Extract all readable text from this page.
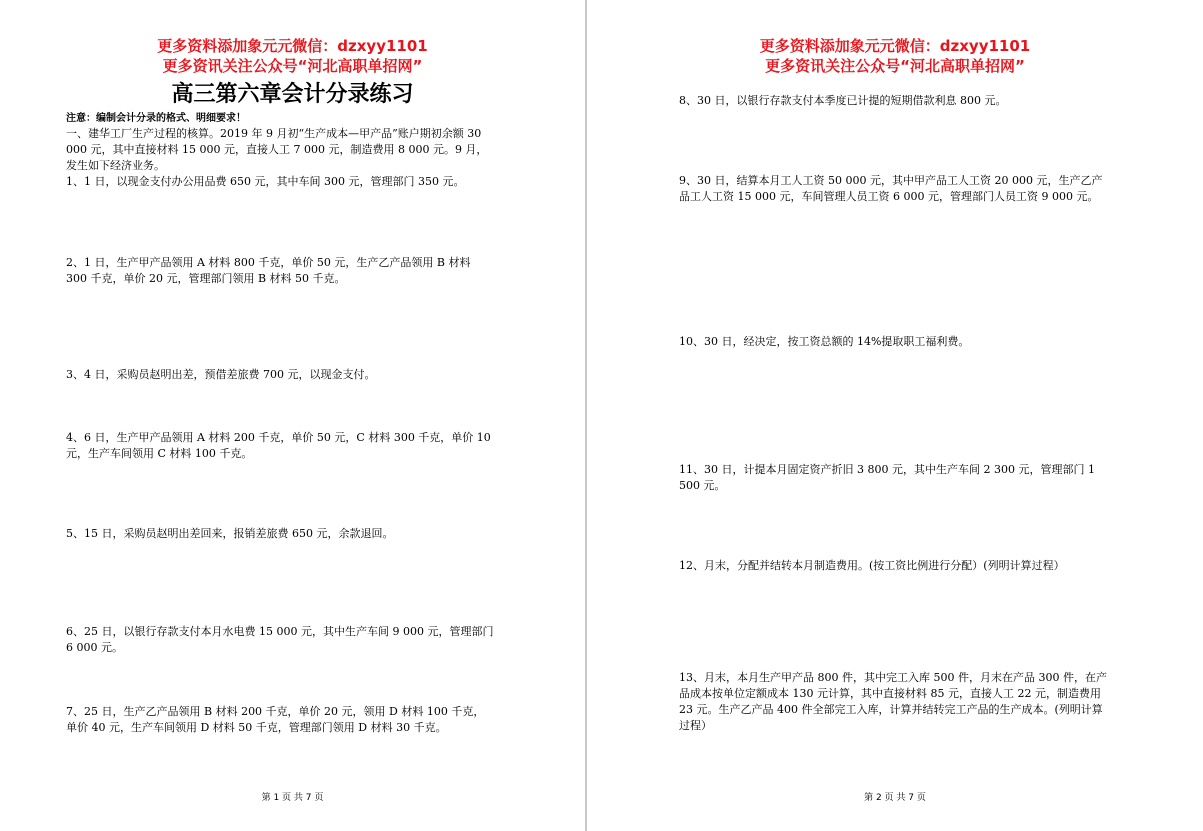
更多资料添加象元元微信：dzxyy1101
更多资讯关注公众号“河北高职单招网”
高三第六章会计分录练习
注意：编制会计分录的格式、明细要求！
一、建华工厂生产过程的核算。2019 年 9 月初“生产成本—甲产品”账户期初余额 30 000 元，其中直接材料 15 000 元，直接人工 7 000 元，制造费用 8 000 元。9 月，发生如下经济业务。
1、1 日，以现金支付办公用品费 650 元，其中车间 300 元，管理部门 350 元。
2、1 日，生产甲产品领用 A 材料 800 千克，单价 50 元，生产乙产品领用 B 材料 300 千克，单价 20 元，管理部门领用 B 材料 50 千克。
3、4 日，采购员赵明出差，预借差旅费 700 元，以现金支付。
4、6 日，生产甲产品领用 A 材料 200 千克，单价 50 元，C 材料 300 千克，单价 10 元，生产车间领用 C 材料 100 千克。
5、15 日，采购员赵明出差回来，报销差旅费 650 元，余款退回。
6、25 日，以银行存款支付本月水电费 15 000 元，其中生产车间 9 000 元，管理部门 6 000 元。
7、25 日，生产乙产品领用 B 材料 200 千克，单价 20 元，领用 D 材料 100 千克，单价 40 元，生产车间领用 D 材料 50 千克，管理部门领用 D 材料 30 千克。
第 1 页 共 7 页
更多资料添加象元元微信：dzxyy1101
更多资讯关注公众号“河北高职单招网”
8、30 日，以银行存款支付本季度已计提的短期借款利息 800 元。
9、30 日，结算本月工人工资 50 000 元，其中甲产品工人工资 20 000 元，生产乙产品工人工资 15 000 元，车间管理人员工资 6 000 元，管理部门人员工资 9 000 元。
10、30 日，经决定，按工资总额的 14%提取职工福利费。
11、30 日，计提本月固定资产折旧 3 800 元，其中生产车间 2 300 元，管理部门 1 500 元。
12、月末，分配并结转本月制造费用。(按工资比例进行分配）(列明计算过程）
13、月末，本月生产甲产品 800 件，其中完工入库 500 件，月末在产品 300 件，在产品成本按单位定额成本 130 元计算，其中直接材料 85 元，直接人工 22 元，制造费用 23 元。生产乙产品 400 件全部完工入库，计算并结转完工产品的生产成本。(列明计算过程）
第 2 页 共 7 页
